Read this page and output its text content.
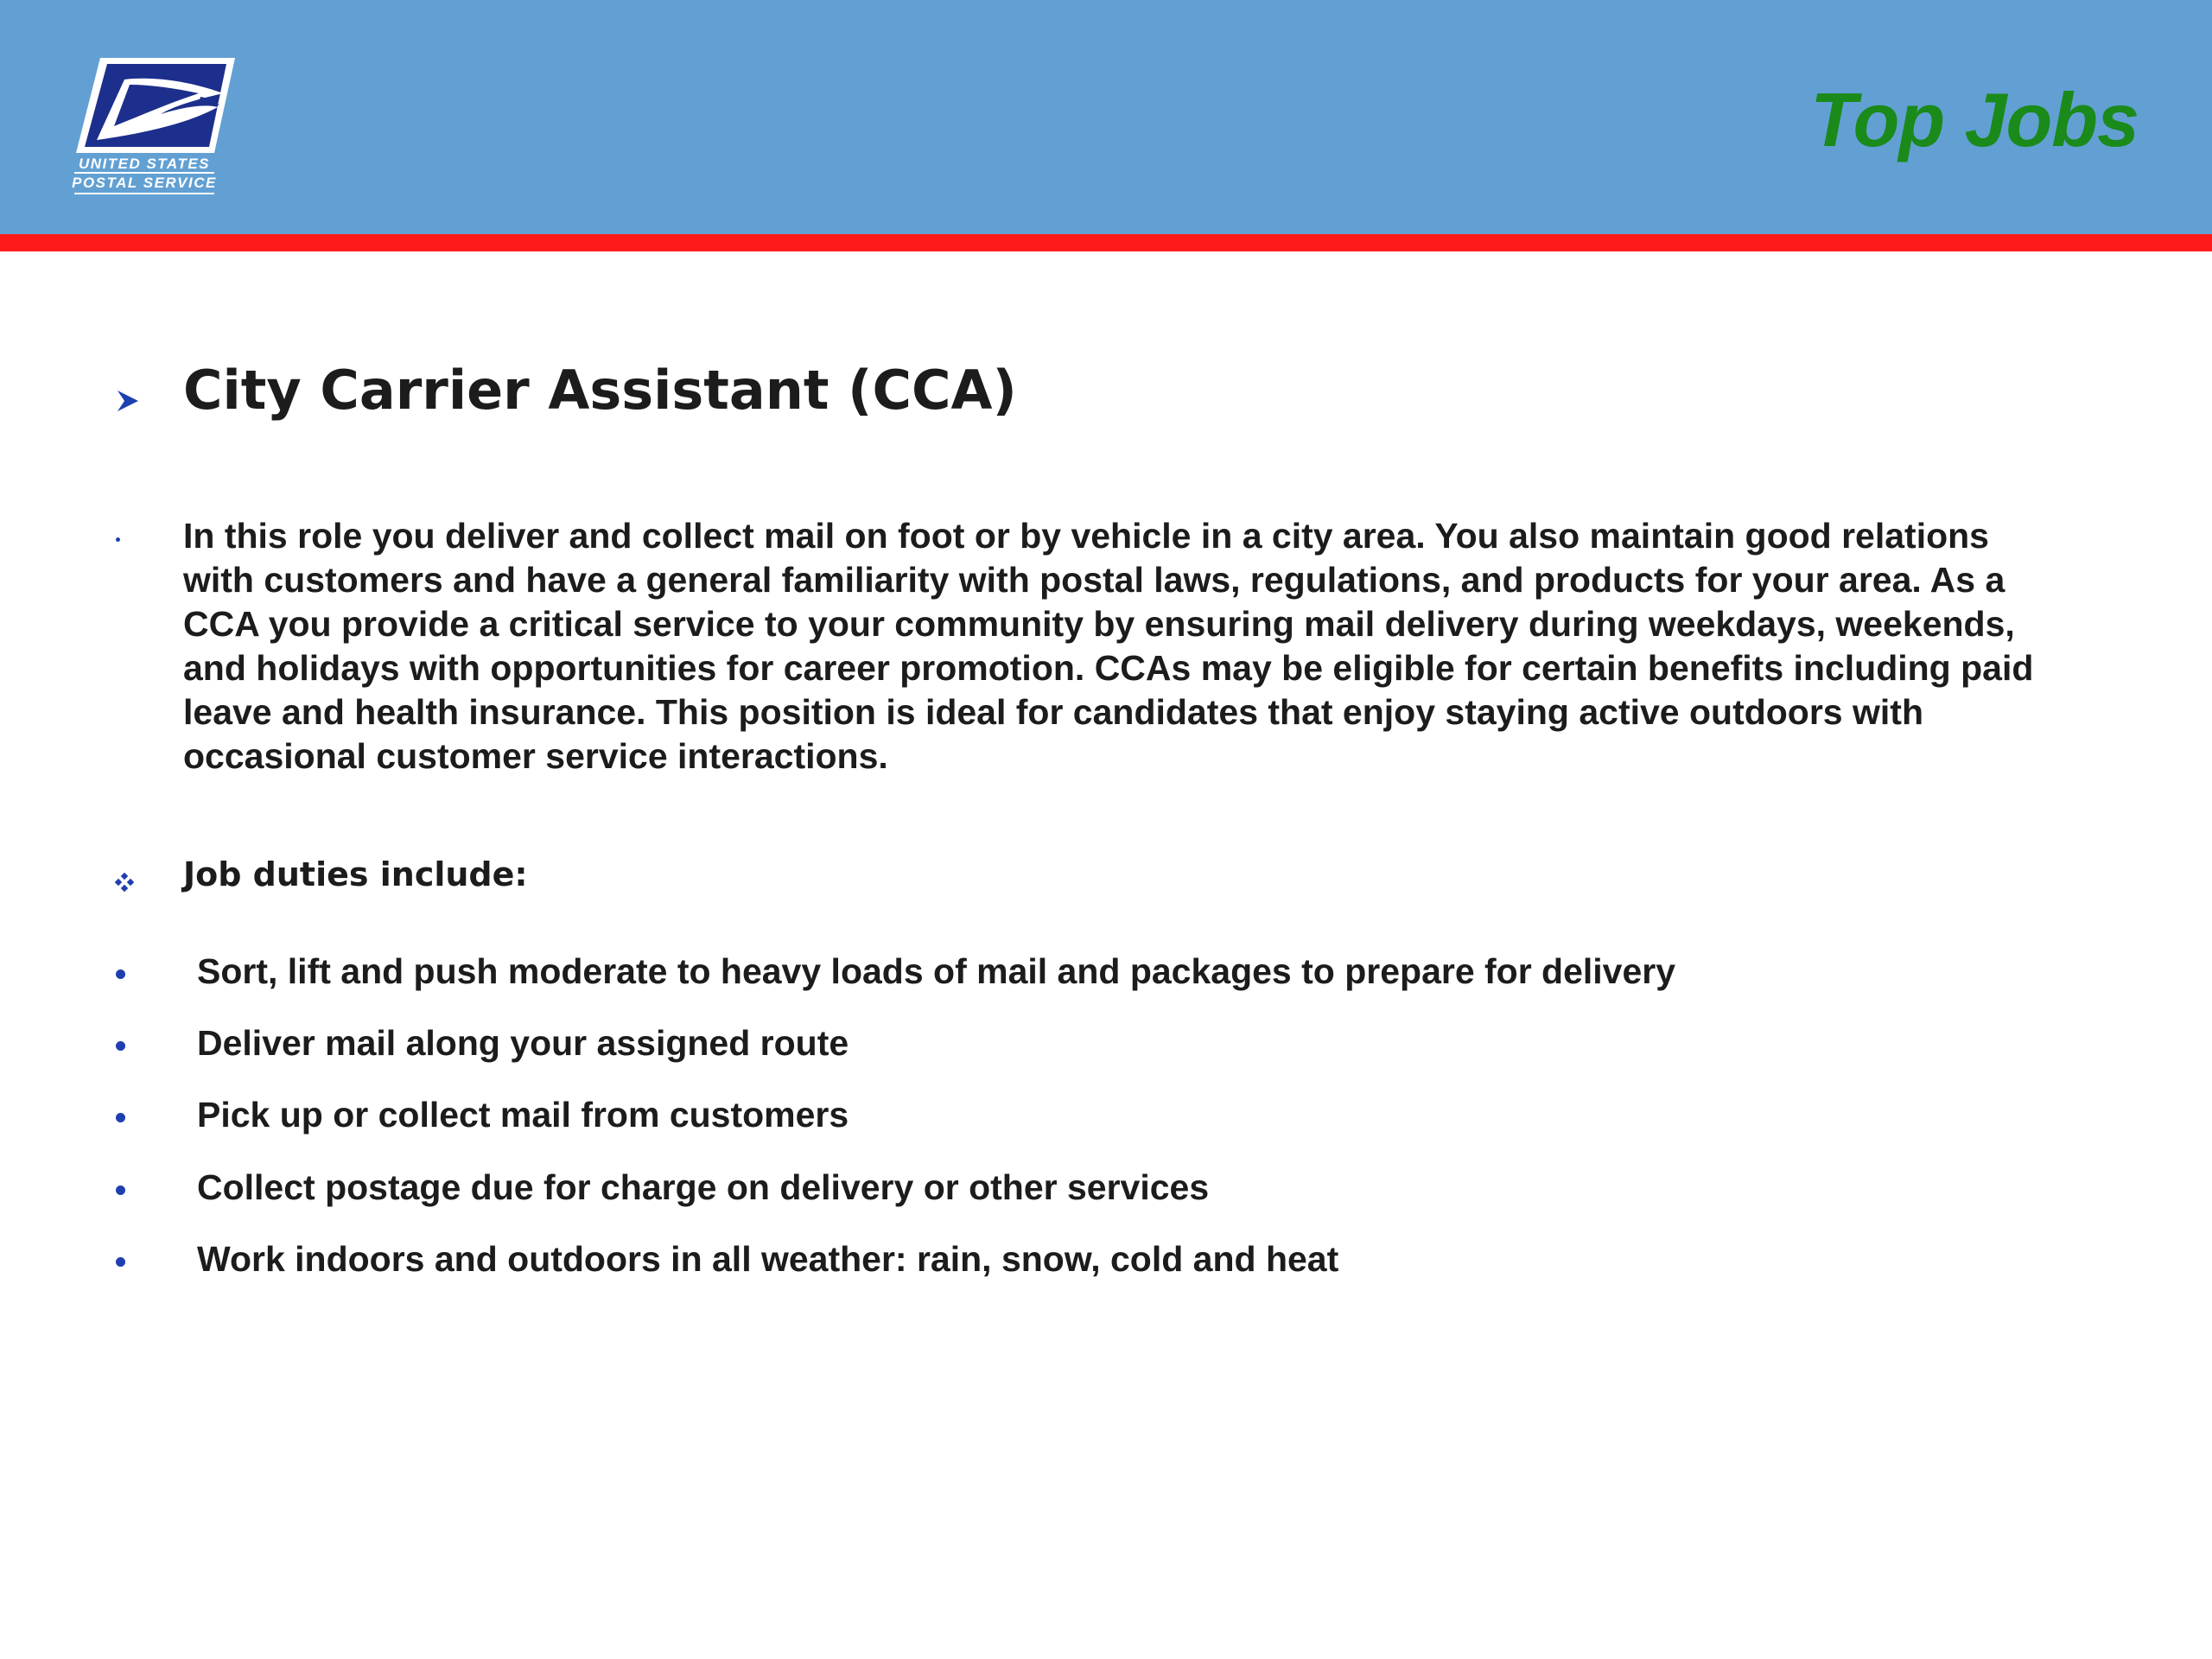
UNITED STATES
POSTAL SERVICE
Top Jobs
City Carrier Assistant (CCA)
In this role you deliver and collect mail on foot or by vehicle in a city area. You also maintain good relations with customers and have a general familiarity with postal laws, regulations, and products for your area. As a CCA you provide a critical service to your community by ensuring mail delivery during weekdays, weekends, and holidays with opportunities for career promotion. CCAs may be eligible for certain benefits including paid leave and health insurance. This position is ideal for candidates that enjoy staying active outdoors with occasional customer service interactions.
Job duties include:
Sort, lift and push moderate to heavy loads of mail and packages to prepare for delivery
Deliver mail along your assigned route
Pick up or collect mail from customers
Collect postage due for charge on delivery or other services
Work indoors and outdoors in all weather: rain, snow, cold and heat
